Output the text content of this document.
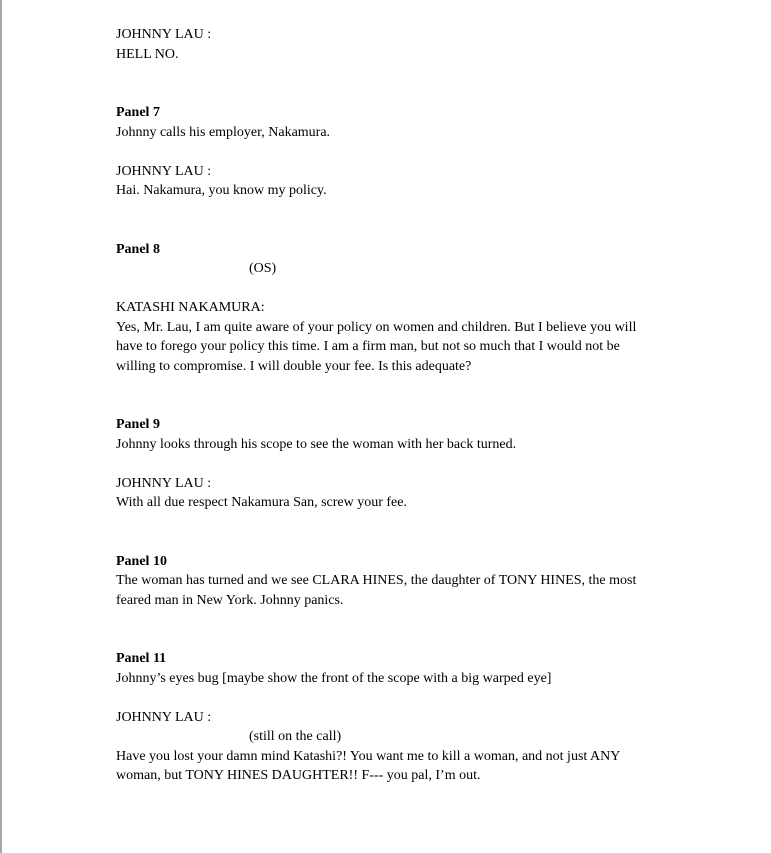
JOHNNY LAU :

HELL NO.

Panel 7

Johnny calls his employer, Nakamura.

JOHNNY LAU :

Hai. Nakamura, you know my policy.

Panel 8

(OS)

KATASHI NAKAMURA:

Yes, Mr. Lau, I am quite aware of your policy on women and children. But I believe you will

have to forego your policy this time. I am a firm man, but not so much that I would not be

willing to compromise. I will double your fee. Is this adequate?

Panel 9

Johnny looks through his scope to see the woman with her back turned.

JOHNNY LAU :

With all due respect Nakamura San, screw your fee.

Panel 10

The woman has turned and we see CLARA HINES, the daughter of TONY HINES, the most

feared man in New York. Johnny panics.

Panel 11

Johnny’s eyes bug [maybe show the front of the scope with a big warped eye]

JOHNNY LAU :

(still on the call)

Have you lost your damn mind Katashi?! You want me to kill a woman, and not just ANY

woman, but TONY HINES DAUGHTER!! F--- you pal, I’m out.
